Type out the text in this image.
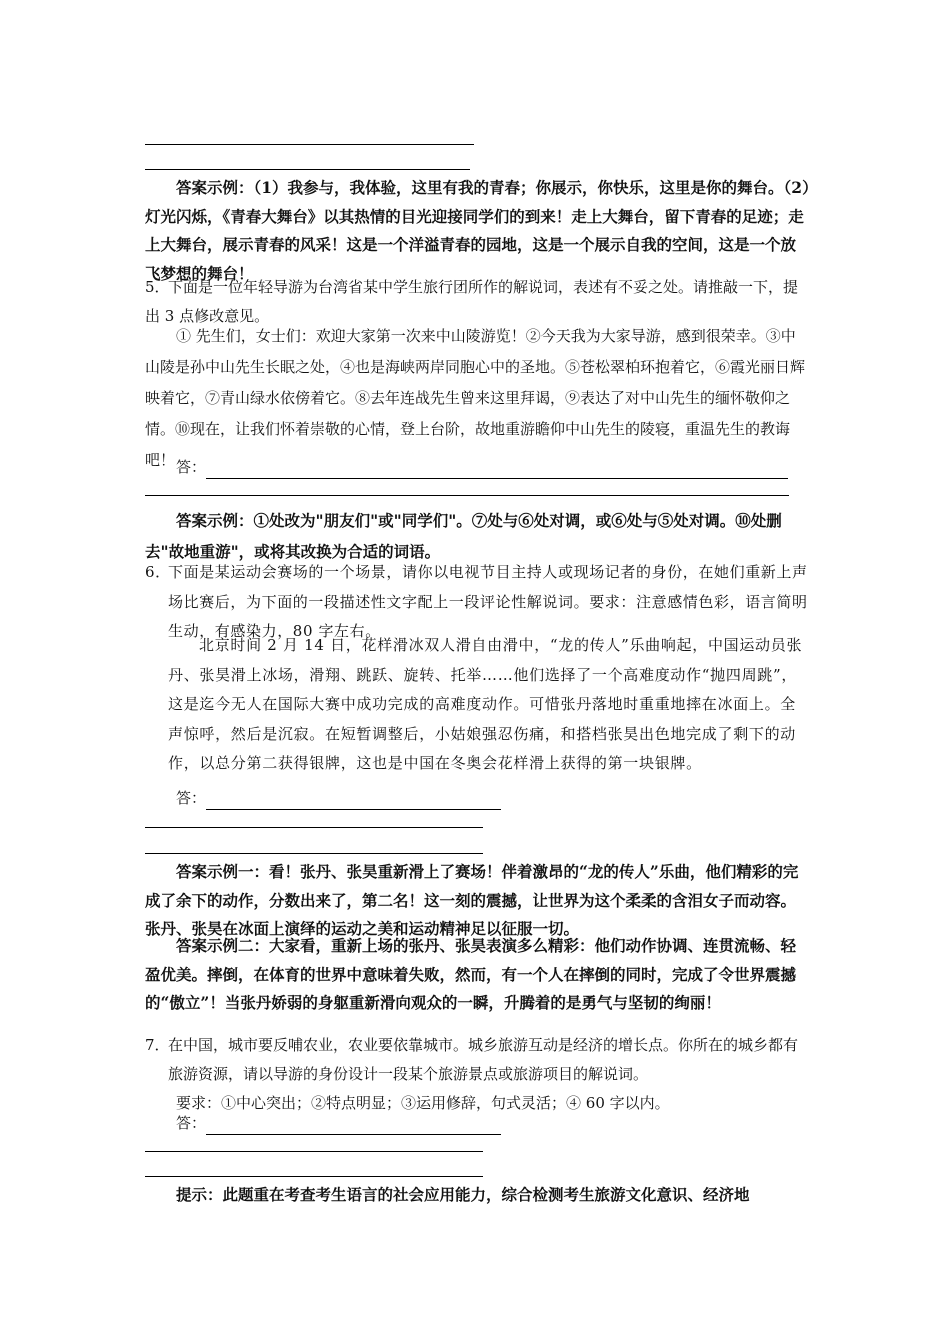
答案示例：（1）我参与，我体验，这里有我的青春；你展示，你快乐，这里是你的舞台。（2）灯光闪烁，《青春大舞台》以其热情的目光迎接同学们的到来！走上大舞台，留下青春的足迹；走上大舞台，展示青春的风采！这是一个洋溢青春的园地，这是一个展示自我的空间，这是一个放飞梦想的舞台！

5．下面是一位年轻导游为台湾省某中学生旅行团所作的解说词，表述有不妥之处。请推敲一下，提出 3 点修改意见。

① 先生们，女士们：欢迎大家第一次来中山陵游览！②今天我为大家导游，感到很荣幸。③中山陵是孙中山先生长眠之处，④也是海峡两岸同胞心中的圣地。⑤苍松翠柏环抱着它，⑥霞光丽日辉映着它，⑦青山绿水依傍着它。⑧去年连战先生曾来这里拜谒，⑨表达了对中山先生的缅怀敬仰之情。⑩现在，让我们怀着崇敬的心情，登上台阶，故地重游瞻仰中山先生的陵寝，重温先生的教诲吧！ 答：

答案示例：①处改为"朋友们"或"同学们"。⑦处与⑥处对调，或⑥处与⑤处对调。⑩处删去"故地重游"，或将其改换为合适的词语。

6．

下面是某运动会赛场的一个场景，请你以电视节目主持人或现场记者的身份，在她们重新上声场比赛后，为下面的一段描述性文字配上一段评论性解说词。要求：注意感情色彩，语言简明生动，有感染力，80 字左右。

北京时间 2 月 14 日，花样滑冰双人滑自由滑中，“龙的传人”乐曲响起，中国运动员张丹、张昊滑上冰场，滑翔、跳跃、旋转、托举……他们选择了一个高难度动作“抛四周跳”，这是迄今无人在国际大赛中成功完成的高难度动作。可惜张丹落地时重重地摔在冰面上。全声惊呼，然后是沉寂。在短暂调整后，小姑娘强忍伤痛，和搭档张昊出色地完成了剩下的动作，以总分第二获得银牌，这也是中国在冬奥会花样滑上获得的第一块银牌。

答：

答案示例一：看！张丹、张昊重新滑上了赛场！伴着激昂的“龙的传人”乐曲，他们精彩的完成了余下的动作，分数出来了，第二名！这一刻的震撼，让世界为这个柔柔的含泪女子而动容。张丹、张昊在冰面上演绎的运动之美和运动精神足以征服一切。

答案示例二：大家看，重新上场的张丹、张昊表演多么精彩：他们动作协调、连贯流畅、轻盈优美。摔倒，在体育的世界中意味着失败，然而，有一个人在摔倒的同时，完成了令世界震撼的“傲立”！当张丹娇弱的身躯重新滑向观众的一瞬，升腾着的是勇气与坚韧的绚丽！

7．

在中国，城市要反哺农业，农业要依靠城市。城乡旅游互动是经济的增长点。你所在的城乡都有旅游资源，请以导游的身份设计一段某个旅游景点或旅游项目的解说词。

要求：①中心突出；②特点明显；③运用修辞，句式灵活；④ 60 字以内。

答：

提示：此题重在考查考生语言的社会应用能力，综合检测考生旅游文化意识、经济地
